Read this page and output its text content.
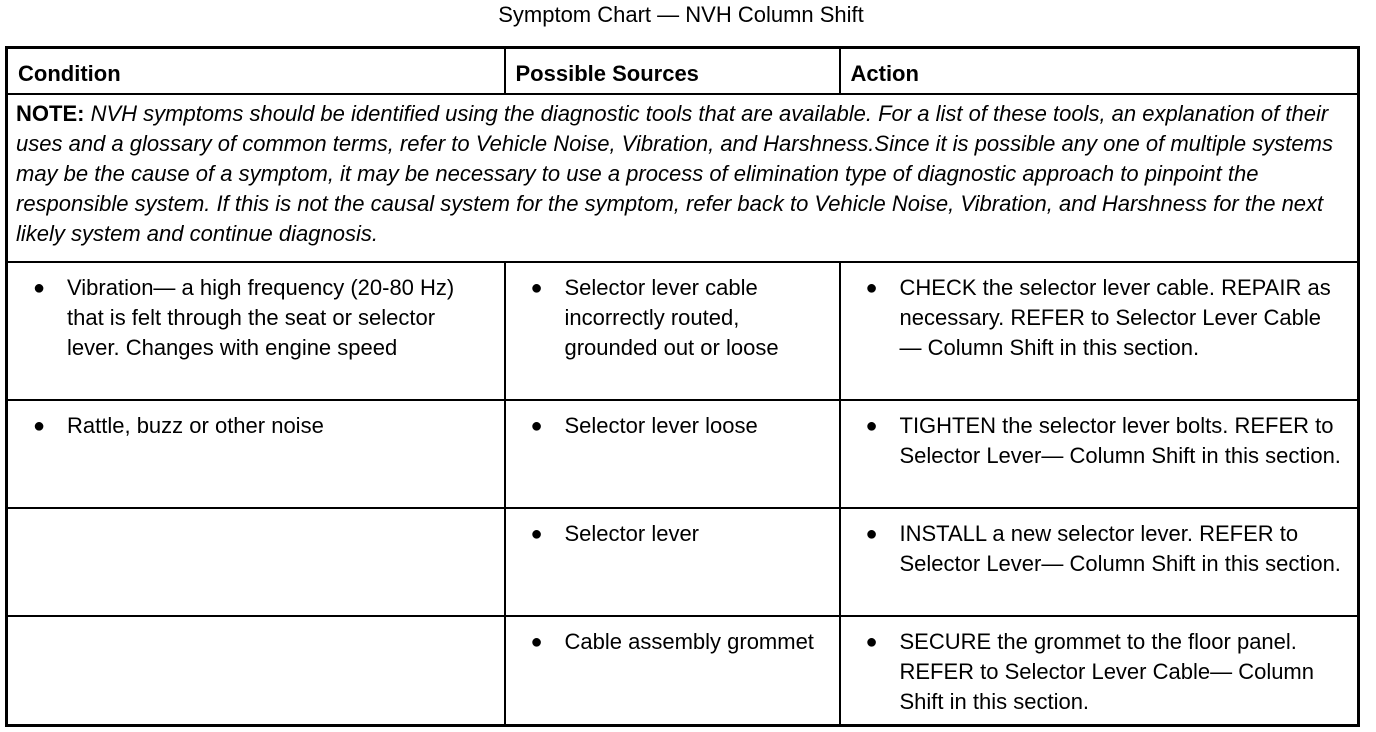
Symptom Chart — NVH Column Shift
Condition	Possible Sources	Action
NOTE: NVH symptoms should be identified using the diagnostic tools that are available. For a list of these tools, an explanation of their uses and a glossary of common terms, refer to Vehicle Noise, Vibration, and Harshness.Since it is possible any one of multiple systems may be the cause of a symptom, it may be necessary to use a process of elimination type of diagnostic approach to pinpoint the responsible system. If this is not the causal system for the symptom, refer back to Vehicle Noise, Vibration, and Harshness for the next likely system and continue diagnosis.		

● Vibration— a high frequency (20-80 Hz) that is felt through the seat or selector lever. Changes with engine speed	● Selector lever cable incorrectly routed, grounded out or loose	● CHECK the selector lever cable. REPAIR as necessary. REFER to Selector Lever Cable— Column Shift in this section.

● Rattle, buzz or other noise	● Selector lever loose	● TIGHTEN the selector lever bolts. REFER to Selector Lever— Column Shift in this section.

	● Selector lever	● INSTALL a new selector lever. REFER to Selector Lever— Column Shift in this section.

	● Cable assembly grommet	● SECURE the grommet to the floor panel. REFER to Selector Lever Cable— Column Shift in this section.
